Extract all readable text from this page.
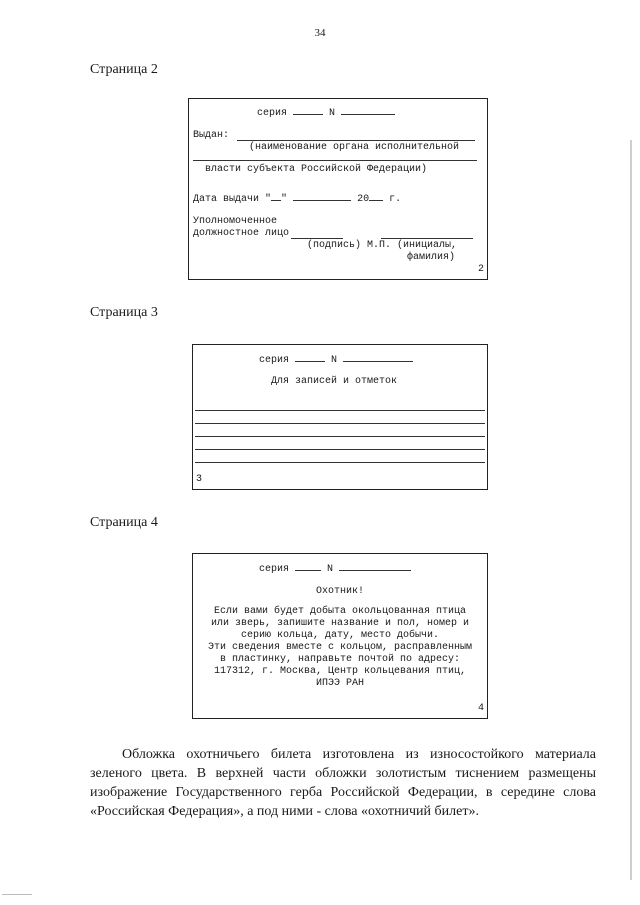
34
Страница 2
серия	N
Выдан:
(наименование органа исполнительной
власти субъекта Российской Федерации)
Дата выдачи " "	20 г.
Уполномоченное
должностное лицо
(подпись) М.П. (инициалы,
фамилия)
2
Страница 3
серия	N
Для записей и отметок
3
Страница 4
серия	N
Охотник!
Если вами будет добыта окольцованная птица
или зверь, запишите название и пол, номер и
серию кольца, дату, место добычи.
Эти сведения вместе с кольцом, расправленным
в пластинку, направьте почтой по адресу:
117312, г. Москва, Центр кольцевания птиц,
ИПЭЭ РАН
4

Обложка охотничьего билета изготовлена из износостойкого материала зеленого цвета. В верхней части обложки золотистым тиснением размещены изображение Государственного герба Российской Федерации, в середине слова «Российская Федерация», а под ними - слова «охотничий билет».
